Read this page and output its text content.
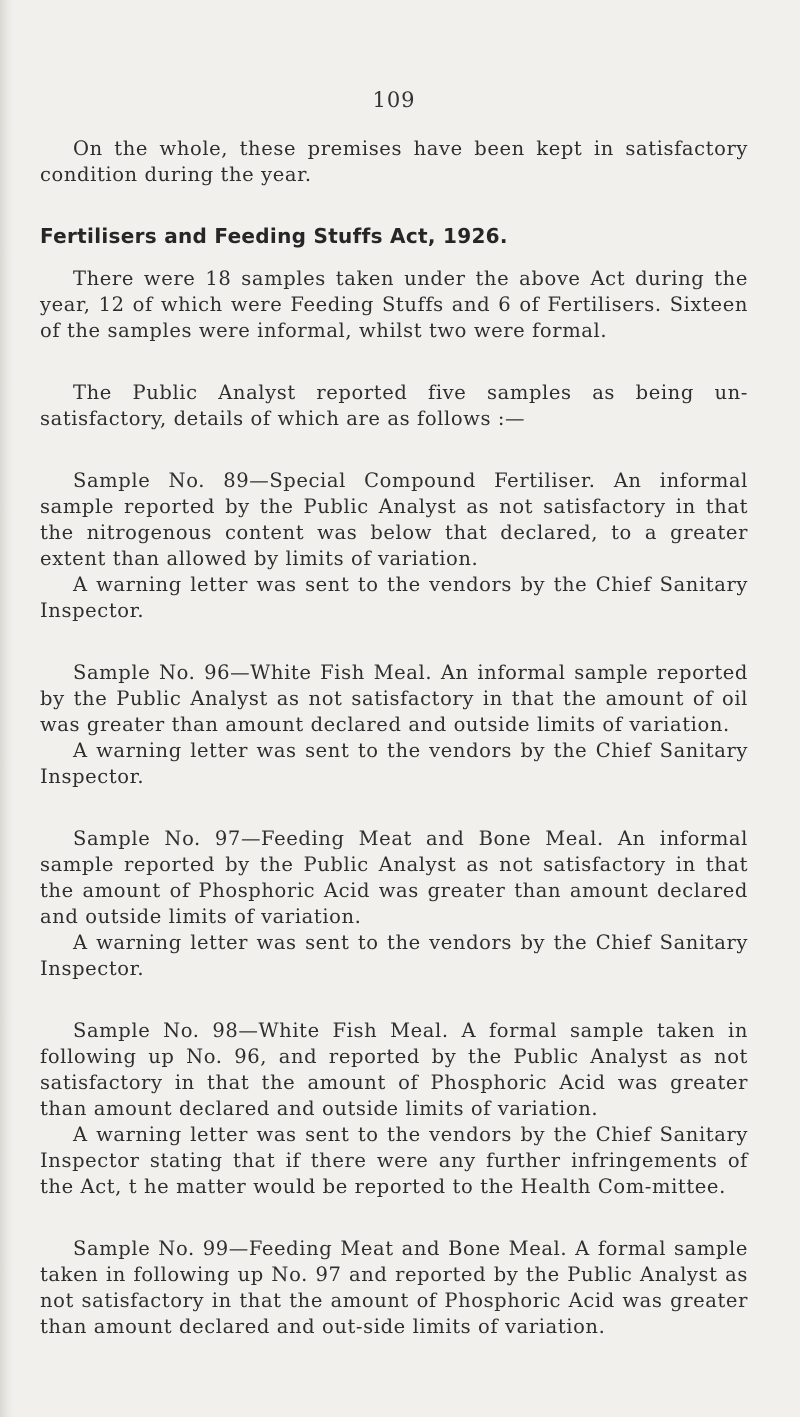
109

On the whole, these premises have been kept in satisfactory condition during the year.

Fertilisers and Feeding Stuffs Act, 1926.

There were 18 samples taken under the above Act during the year, 12 of which were Feeding Stuffs and 6 of Fertilisers. Sixteen of the samples were informal, whilst two were formal.

The Public Analyst reported five samples as being un-satisfactory, details of which are as follows :—

Sample No. 89—Special Compound Fertiliser. An informal sample reported by the Public Analyst as not satisfactory in that the nitrogenous content was below that declared, to a greater extent than allowed by limits of variation.

A warning letter was sent to the vendors by the Chief Sanitary Inspector.

Sample No. 96—White Fish Meal. An informal sample reported by the Public Analyst as not satisfactory in that the amount of oil was greater than amount declared and outside limits of variation.

A warning letter was sent to the vendors by the Chief Sanitary Inspector.

Sample No. 97—Feeding Meat and Bone Meal. An informal sample reported by the Public Analyst as not satisfactory in that the amount of Phosphoric Acid was greater than amount declared and outside limits of variation.

A warning letter was sent to the vendors by the Chief Sanitary Inspector.

Sample No. 98—White Fish Meal. A formal sample taken in following up No. 96, and reported by the Public Analyst as not satisfactory in that the amount of Phosphoric Acid was greater than amount declared and outside limits of variation.

A warning letter was sent to the vendors by the Chief Sanitary Inspector stating that if there were any further infringements of the Act, t he matter would be reported to the Health Com-mittee.

Sample No. 99—Feeding Meat and Bone Meal. A formal sample taken in following up No. 97 and reported by the Public Analyst as not satisfactory in that the amount of Phosphoric Acid was greater than amount declared and out-side limits of variation.
